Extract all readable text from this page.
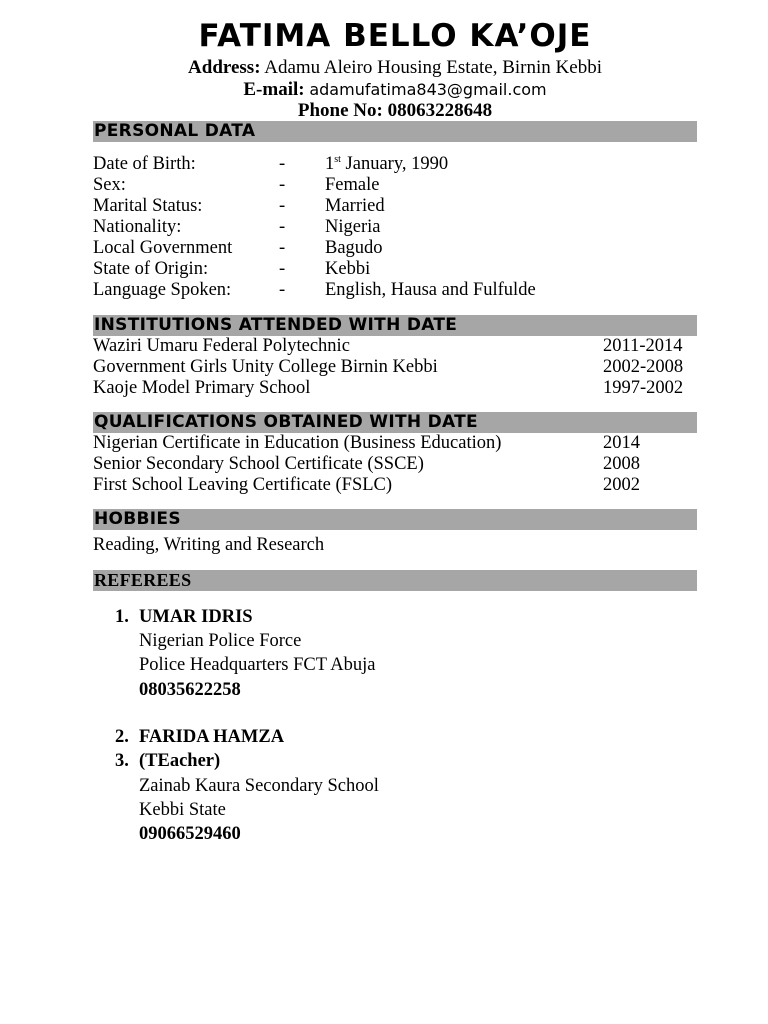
FATIMA BELLO KA’OJE
Address: Adamu Aleiro Housing Estate, Birnin Kebbi
E-mail: adamufatima843@gmail.com
Phone No: 08063228648
PERSONAL DATA
Date of Birth:	- 1st January, 1990
Sex:	- Female
Marital Status:	- Married
Nationality:	- Nigeria
Local Government	- Bagudo
State of Origin:	- Kebbi
Language Spoken:	- English, Hausa and Fulfulde
INSTITUTIONS ATTENDED WITH DATE
Waziri Umaru Federal Polytechnic	2011-2014
Government Girls Unity College Birnin Kebbi	2002-2008
Kaoje Model Primary School	1997-2002
QUALIFICATIONS OBTAINED WITH DATE
Nigerian Certificate in Education (Business Education)	2014
Senior Secondary School Certificate (SSCE)	2008
First School Leaving Certificate (FSLC)	2002
HOBBIES
Reading, Writing and Research
REFEREES
1. UMAR IDRIS
Nigerian Police Force
Police Headquarters FCT Abuja
08035622258
2. FARIDA HAMZA
3. (TEacher)
Zainab Kaura Secondary School
Kebbi State
09066529460
